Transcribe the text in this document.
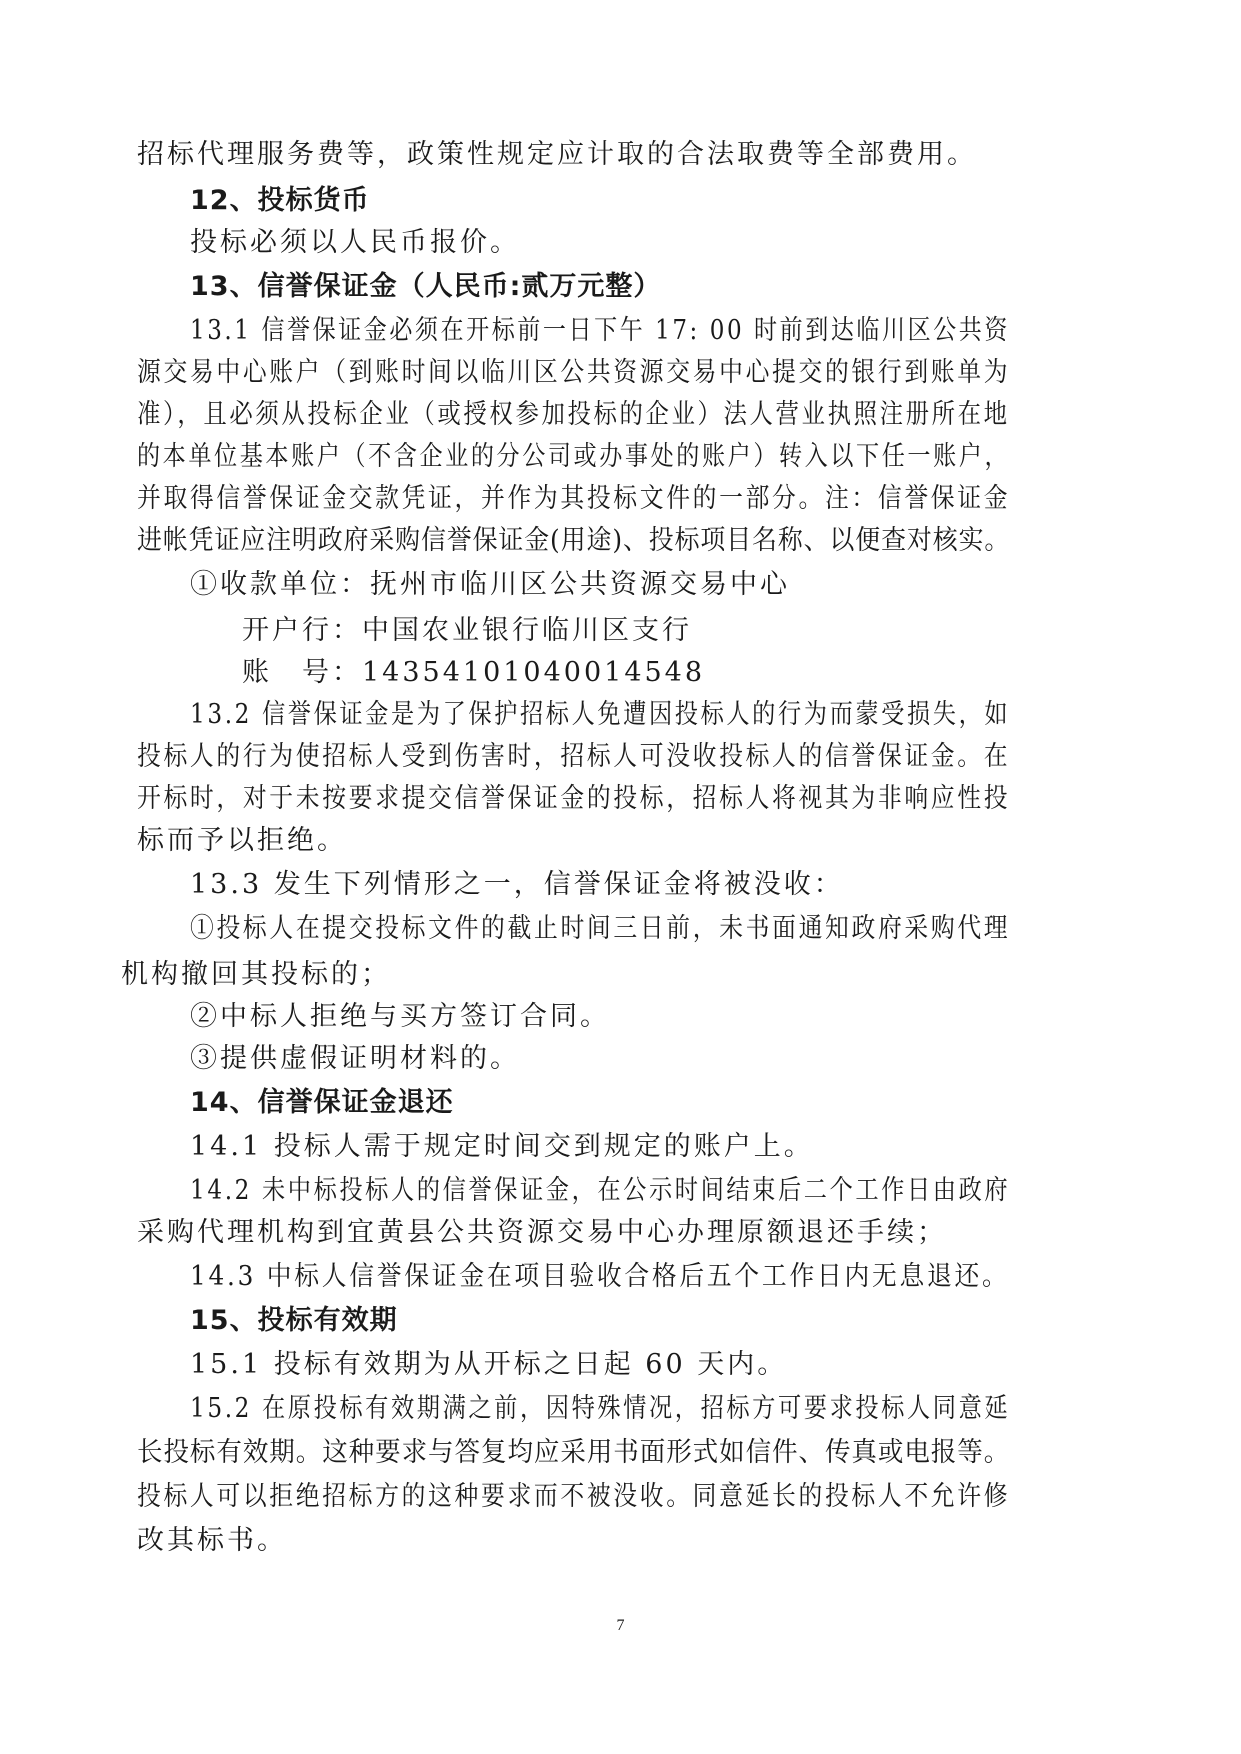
招标代理服务费等，政策性规定应计取的合法取费等全部费用。
12、投标货币
投标必须以人民币报价。
13、信誉保证金（人民币:贰万元整）
13.1 信誉保证金必须在开标前一日下午 17: 00 时前到达临川区公共资
源交易中心账户（到账时间以临川区公共资源交易中心提交的银行到账单为
准），且必须从投标企业（或授权参加投标的企业）法人营业执照注册所在地
的本单位基本账户（不含企业的分公司或办事处的账户）转入以下任一账户，
并取得信誉保证金交款凭证，并作为其投标文件的一部分。注：信誉保证金
进帐凭证应注明政府采购信誉保证金(用途)、投标项目名称、以便查对核实。
①收款单位：抚州市临川区公共资源交易中心
开户行：中国农业银行临川区支行
账　号：14354101040014548
13.2 信誉保证金是为了保护招标人免遭因投标人的行为而蒙受损失，如
投标人的行为使招标人受到伤害时，招标人可没收投标人的信誉保证金。在
开标时，对于未按要求提交信誉保证金的投标，招标人将视其为非响应性投
标而予以拒绝。
13.3 发生下列情形之一，信誉保证金将被没收：
①投标人在提交投标文件的截止时间三日前，未书面通知政府采购代理
机构撤回其投标的；
②中标人拒绝与买方签订合同。
③提供虚假证明材料的。
14、信誉保证金退还
14.1 投标人需于规定时间交到规定的账户上。
14.2 未中标投标人的信誉保证金，在公示时间结束后二个工作日由政府
采购代理机构到宜黄县公共资源交易中心办理原额退还手续；
14.3 中标人信誉保证金在项目验收合格后五个工作日内无息退还。
15、投标有效期
15.1 投标有效期为从开标之日起 60 天内。
15.2 在原投标有效期满之前，因特殊情况，招标方可要求投标人同意延
长投标有效期。这种要求与答复均应采用书面形式如信件、传真或电报等。
投标人可以拒绝招标方的这种要求而不被没收。同意延长的投标人不允许修
改其标书。
7
